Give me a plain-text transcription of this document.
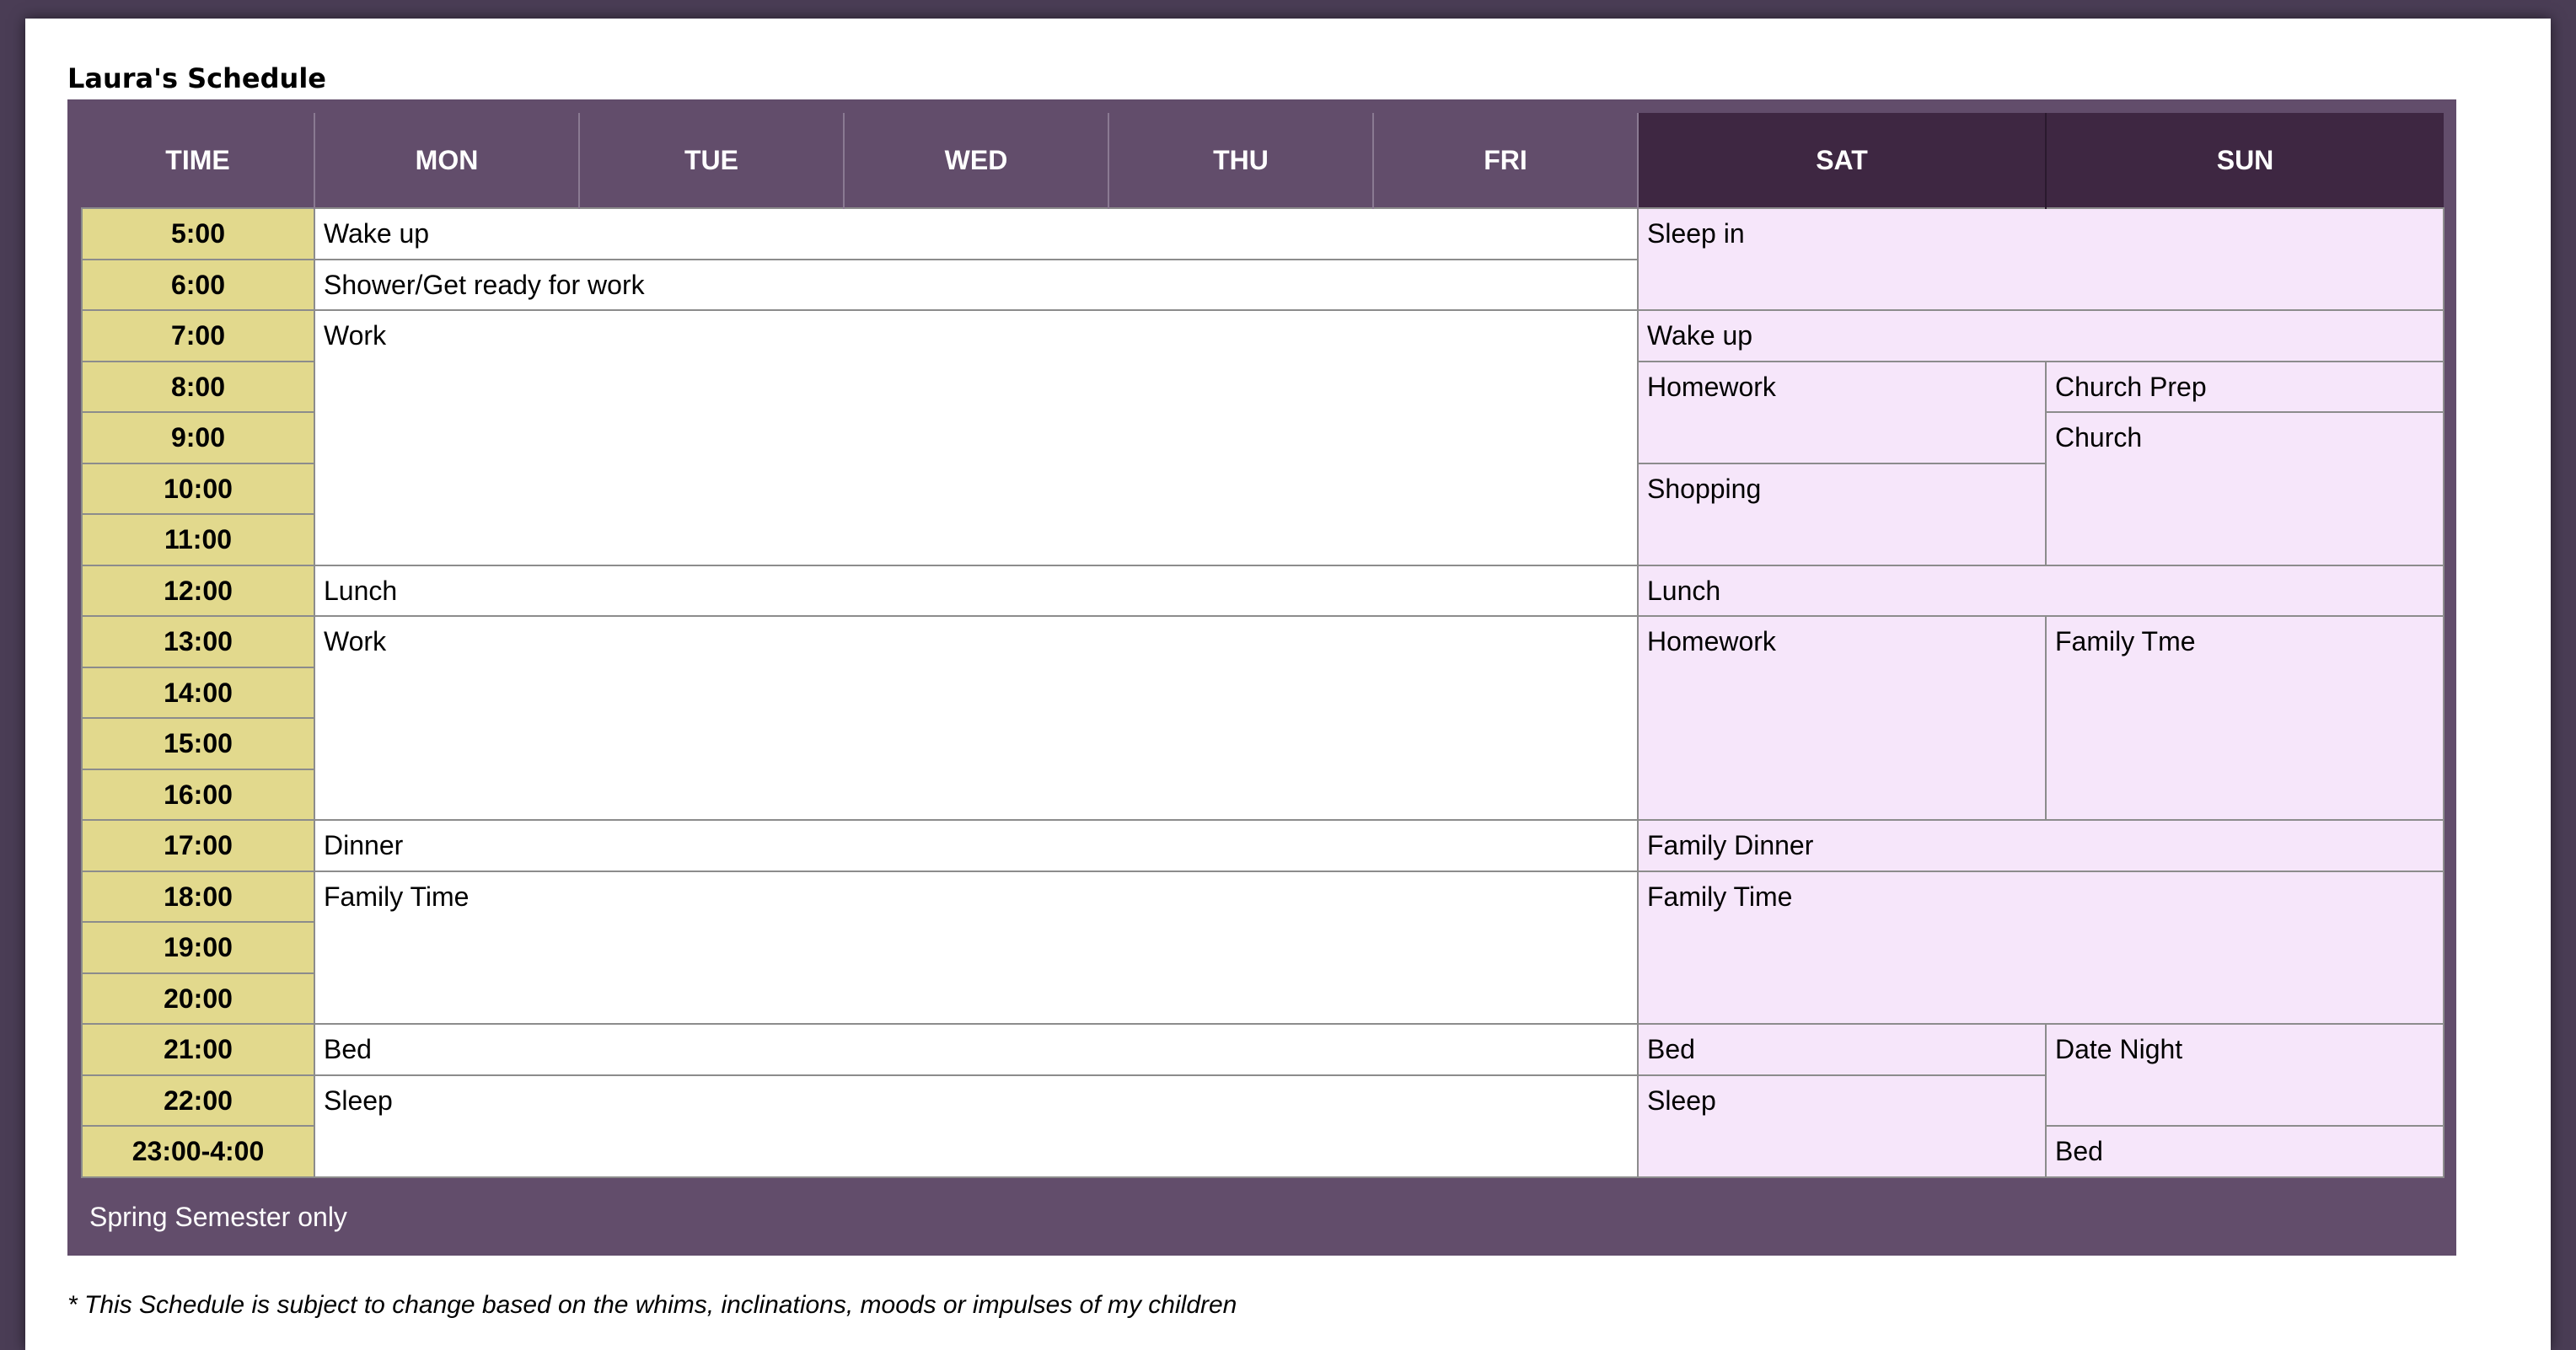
Laura's Schedule
TIME	MON	TUE	WED	THU	FRI	SAT	SUN
5:00	Wake up					Sleep in	
6:00	Shower/Get ready for work						
7:00	Work					Wake up	
8:00						Homework	Church Prep
9:00							Church
10:00						Shopping	
11:00							
12:00	Lunch					Lunch	
13:00	Work					Homework	Family Tme
14:00							
15:00							
16:00							
17:00	Dinner					Family Dinner	
18:00	Family Time					Family Time	
19:00							
20:00							
21:00	Bed					Bed	Date Night
22:00	Sleep					Sleep	
23:00-4:00							Bed
Spring Semester only
* This Schedule is subject to change based on the whims, inclinations, moods or impulses of my children
